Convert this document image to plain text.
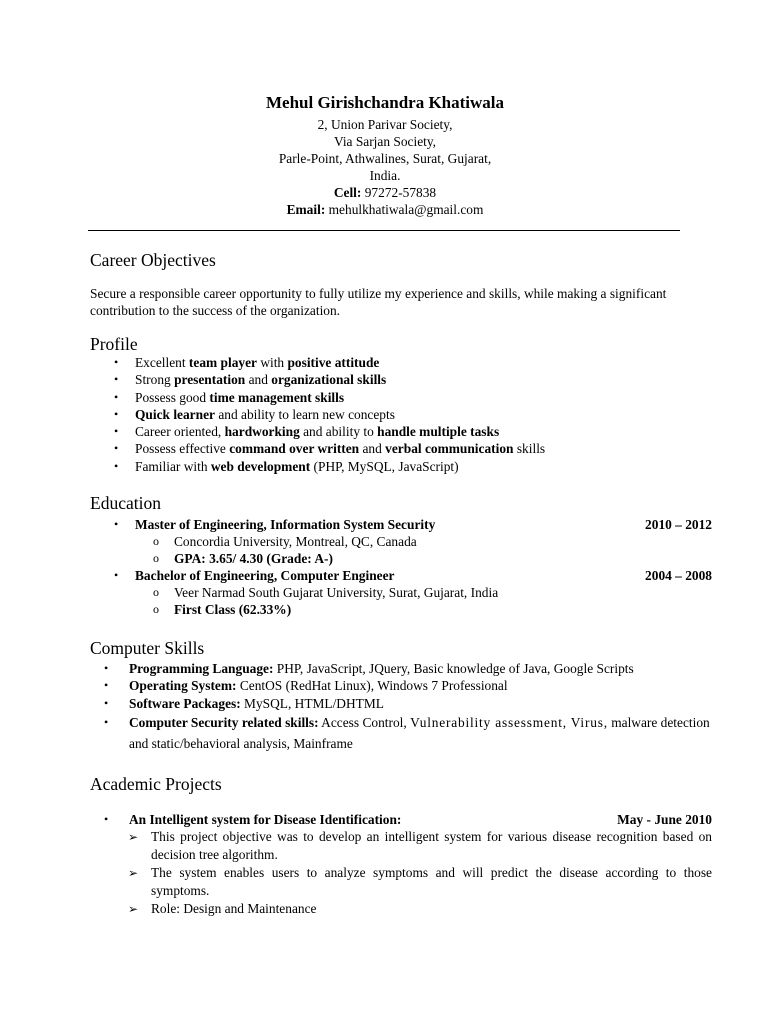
Mehul Girishchandra Khatiwala
2, Union Parivar Society,
Via Sarjan Society,
Parle-Point, Athwalines, Surat, Gujarat,
India.
Cell: 97272-57838
Email: mehulkhatiwala@gmail.com
Career Objectives
Secure a responsible career opportunity to fully utilize my experience and skills, while making a significant contribution to the success of the organization.
Profile
• Excellent team player with positive attitude
• Strong presentation and organizational skills
• Possess good time management skills
• Quick learner and ability to learn new concepts
• Career oriented, hardworking and ability to handle multiple tasks
• Possess effective command over written and verbal communication skills
• Familiar with web development (PHP, MySQL, JavaScript)
Education
• Master of Engineering, Information System Security	2010 – 2012
o Concordia University, Montreal, QC, Canada
o GPA: 3.65/ 4.30 (Grade: A-)
• Bachelor of Engineering, Computer Engineer	2004 – 2008
o Veer Narmad South Gujarat University, Surat, Gujarat, India
o First Class (62.33%)
Computer Skills
• Programming Language: PHP, JavaScript, JQuery, Basic knowledge of Java, Google Scripts
• Operating System: CentOS (RedHat Linux), Windows 7 Professional
• Software Packages: MySQL, HTML/DHTML
• Computer Security related skills: Access Control, Vulnerability assessment, Virus, malware detection and static/behavioral analysis, Mainframe
Academic Projects
• An Intelligent system for Disease Identification:	May - June 2010
➢ This project objective was to develop an intelligent system for various disease recognition based on decision tree algorithm.
➢ The system enables users to analyze symptoms and will predict the disease according to those symptoms.
➢ Role: Design and Maintenance
